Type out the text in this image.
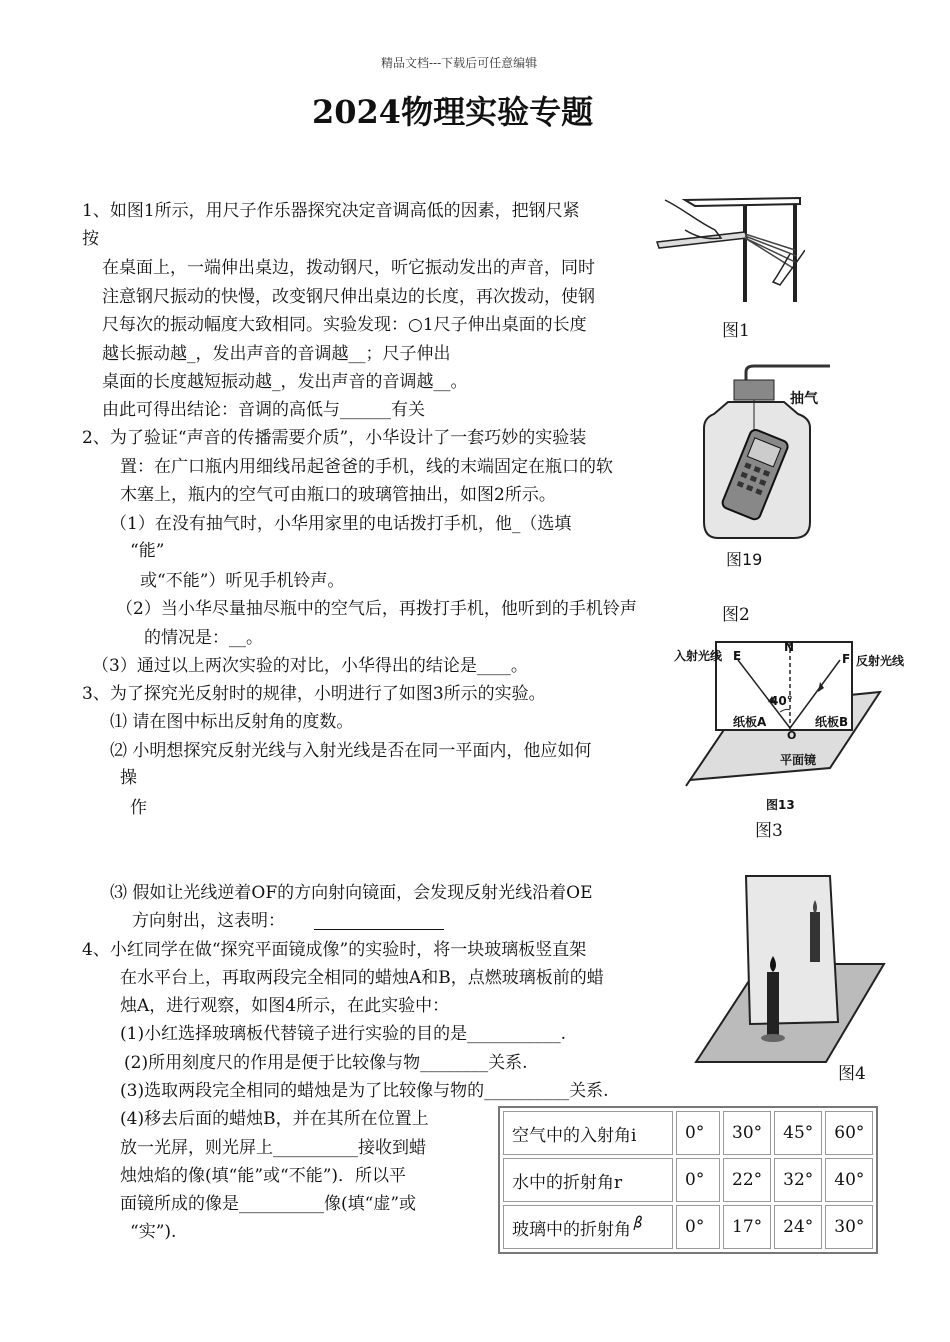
精品文档---下载后可任意编辑
2024物理实验专题
1、如图1所示，用尺子作乐器探究决定音调高低的因素，把钢尺紧
按
在桌面上，一端伸出桌边，拨动钢尺，听它振动发出的声音，同时
注意钢尺振动的快慢，改变钢尺伸出桌边的长度，再次拨动，使钢
尺每次的振动幅度大致相同。实验发现：○1尺子伸出桌面的长度
越长振动越_，发出声音的音调越__；尺子伸出
桌面的长度越短振动越_，发出声音的音调越__。
由此可得出结论：音调的高低与______有关
2、为了验证“声音的传播需要介质”，小华设计了一套巧妙的实验装
置：在广口瓶内用细线吊起爸爸的手机，线的末端固定在瓶口的软
木塞上，瓶内的空气可由瓶口的玻璃管抽出，如图2所示。
（1）在没有抽气时，小华用家里的电话拨打手机，他_（选填
“能”
或“不能”）听见手机铃声。
（2）当小华尽量抽尽瓶中的空气后，再拨打手机，他听到的手机铃声
的情况是：__。
（3）通过以上两次实验的对比，小华得出的结论是____。
3、为了探究光反射时的规律，小明进行了如图3所示的实验。
⑴ 请在图中标出反射角的度数。
⑵ 小明想探究反射光线与入射光线是否在同一平面内，他应如何
操
作
⑶ 假如让光线逆着OF的方向射向镜面，会发现反射光线沿着OE
方向射出，这表明：
4、小红同学在做“探究平面镜成像”的实验时，将一块玻璃板竖直架
在水平台上，再取两段完全相同的蜡烛A和B，点燃玻璃板前的蜡
烛A，进行观察，如图4所示，在此实验中：
(1)小红选择玻璃板代替镜子进行实验的目的是___________.
(2)所用刻度尺的作用是便于比较像与物________关系.
(3)选取两段完全相同的蜡烛是为了比较像与物的__________关系.
(4)移去后面的蜡烛B，并在其所在位置上
放一光屏，则光屏上__________接收到蜡
烛烛焰的像(填“能”或“不能”)．所以平
面镜所成的像是__________像(填“虚”或
“实”).
图1
抽气
图19
图2
入射光线	反射光线
E
N
F
40°
纸板A	纸板B
O
平面镜
图13
图3
图4
空气中的入射角i	0°	30°	45°	60°
水中的折射角r	0°	22°	32°	40°
玻璃中的折射角	0°	17°	24°	30°
